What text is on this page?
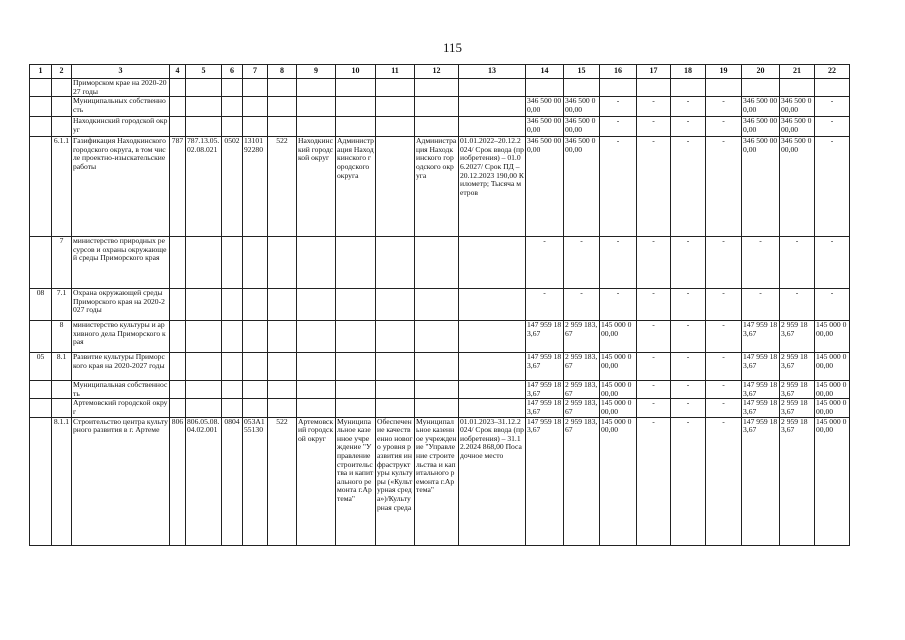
115
1	2	3	4	5	6	7	8	9	10	11	12	13	14	15	16	17	18	19	20	21	22
		Приморском крае на 2020-2027 годы																			
		Муниципальных собственность											346 500 000,00	346 500 000,00	-	-	-	-	346 500 000,00	346 500 000,00	-
		Находкинский городской округ											346 500 000,00	346 500 000,00	-	-	-	-	346 500 000,00	346 500 000,00	-
	6.1.1	Газификация Находкинского городского округа, в том числе проектно-изыскательские работы	787	787.13.05.02.08.021	0502	1310192280	522	Находкинский городской округ	Администрация Находкинского городского округа		Администрация Находкинского городского округа	01.01.2022–20.12.2024/ Срок ввода (приобретения) – 01.06.2027/ Срок ПД – 20.12.2023 190,00 Километр; Тысяча метров	346 500 000,00	346 500 000,00	-	-	-	-	346 500 000,00	346 500 000,00	-
	7	министерство природных ресурсов и охраны окружающей среды Приморского края											-	-	-	-	-	-	-	-	-
08	7.1	Охрана окружающей среды Приморского края на 2020-2027 годы											-	-	-	-	-	-	-	-	-
	8	министерство культуры и архивного дела Приморского края											147 959 183,67	2 959 183,67	145 000 000,00	-	-	-	147 959 183,67	2 959 183,67	145 000 000,00
05	8.1	Развитие культуры Приморского края на 2020-2027 годы											147 959 183,67	2 959 183,67	145 000 000,00	-	-	-	147 959 183,67	2 959 183,67	145 000 000,00
		Муниципальная собственность											147 959 183,67	2 959 183,67	145 000 000,00	-	-	-	147 959 183,67	2 959 183,67	145 000 000,00
		Артемовский городской округ											147 959 183,67	2 959 183,67	145 000 000,00	-	-	-	147 959 183,67	2 959 183,67	145 000 000,00
	8.1.1	Строительство центра культурного развития в г. Артеме	806	806.05.08.04.02.001	0804	053A155130	522	Артемовский городской округ	Муниципальное казенное учреждение "Управление строительства и капитального ремонта г.Артема"	Обеспечение качественно нового уровня развития инфраструктуры культуры («Культурная среда»)/Культурная среда	Муниципальное казенное учреждение "Управление строительства и капитального ремонта г.Артема"	01.01.2023–31.12.2024/ Срок ввода (приобретения) – 31.12.2024 868,00 Посадочное место	147 959 183,67	2 959 183,67	145 000 000,00	-	-	-	147 959 183,67	2 959 183,67	145 000 000,00
